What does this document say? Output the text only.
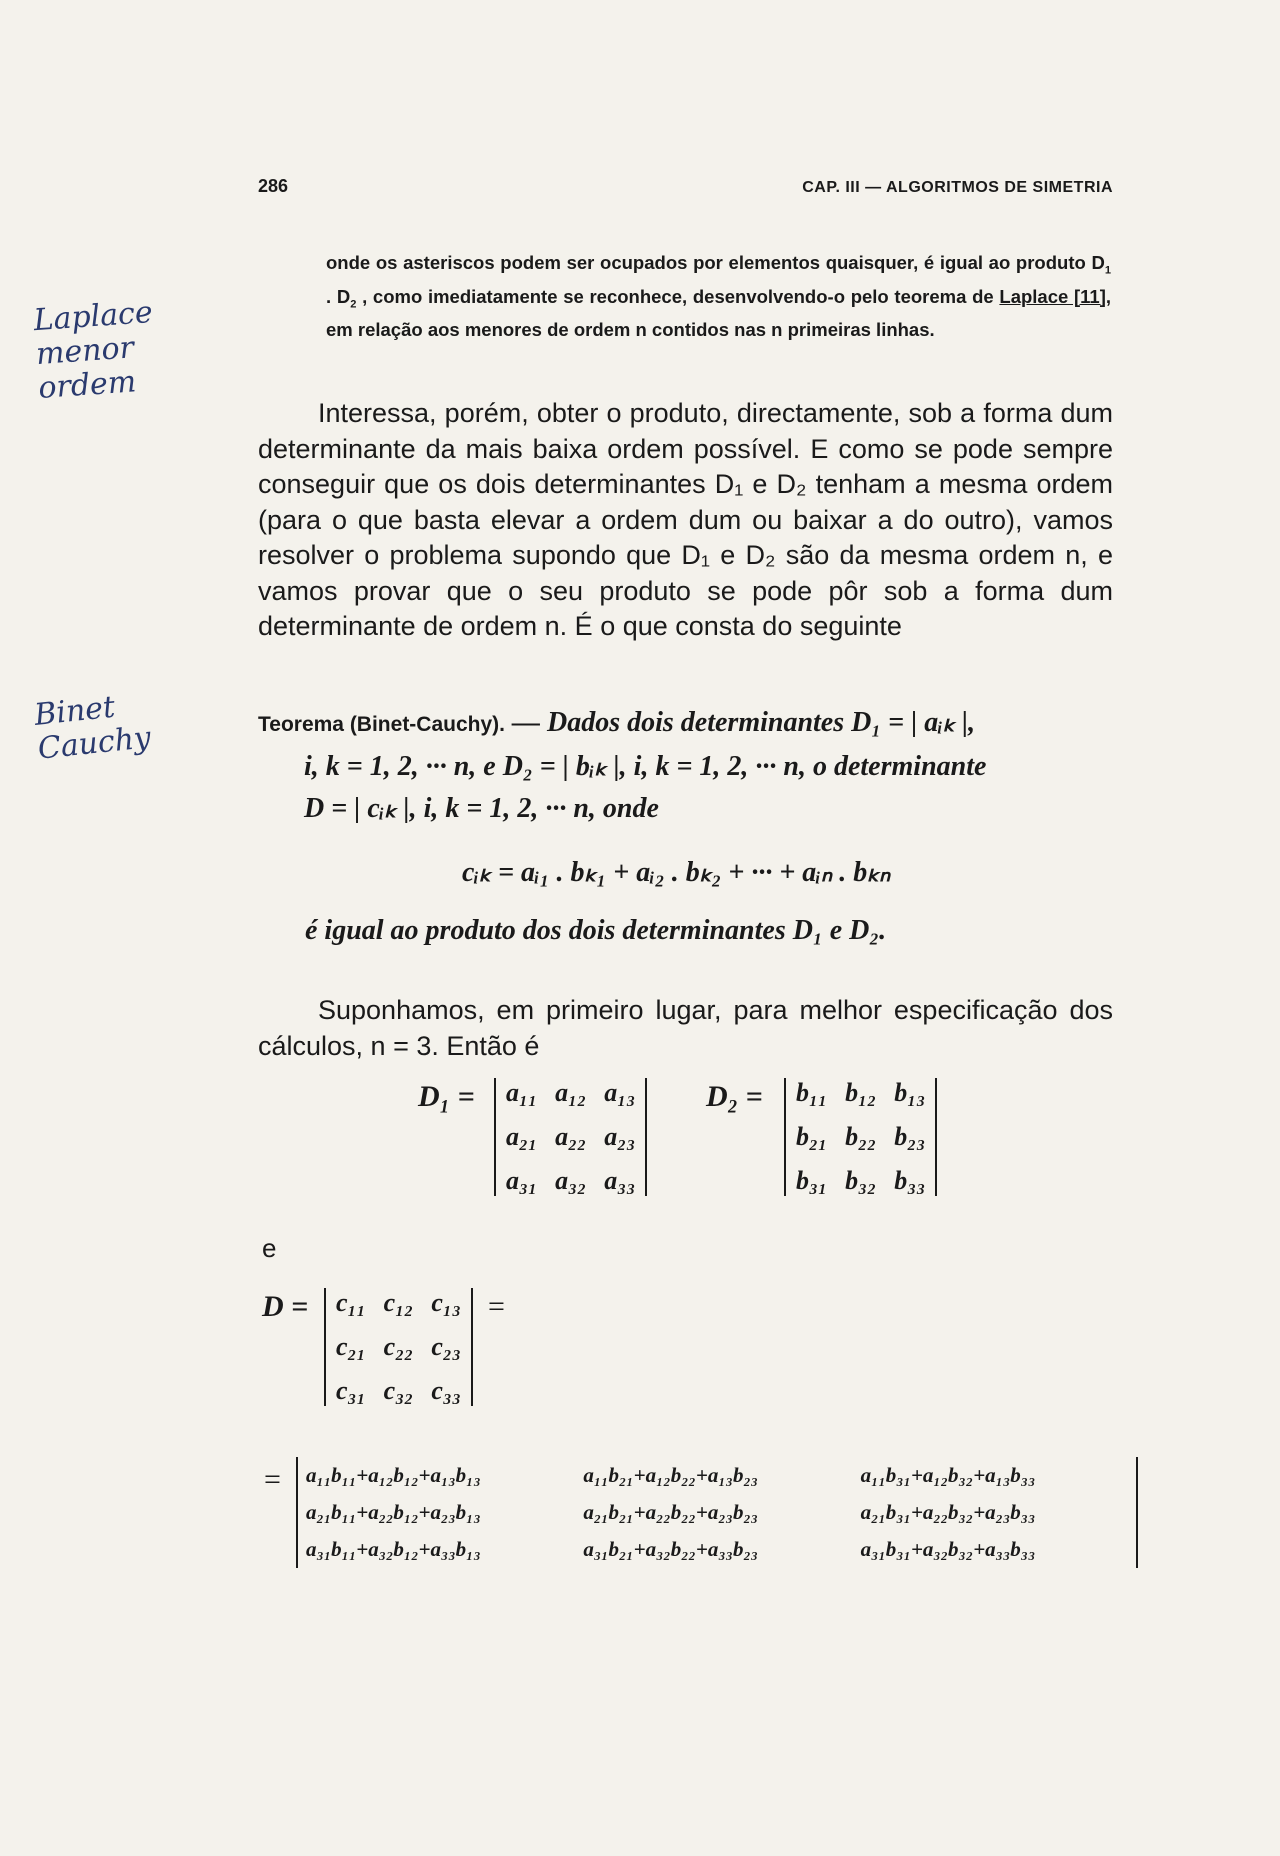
286	CAP. III — ALGORITMOS DE SIMETRIA
onde os asteriscos podem ser ocupados por elementos quaisquer, é igual ao produto $D_1$ . $D_2$ , como imediatamente se reconhece, desenvolvendo-o pelo teorema de Laplace [11], em relação aos menores de ordem n contidos nas n primeiras linhas.
Interessa, porém, obter o produto, directamente, sob a forma dum determinante da mais baixa ordem possível. E como se pode sempre conseguir que os dois determinantes D₁ e D₂ tenham a mesma ordem (para o que basta elevar a ordem dum ou baixar a do outro), vamos resolver o problema supondo que D₁ e D₂ são da mesma ordem n, e vamos provar que o seu produto se pode pôr sob a forma dum determinante de ordem n. É o que consta do seguinte
Teorema (Binet-Cauchy). — Dados dois determinantes D₁ = | aᵢₖ |,
i, k = 1, 2, ··· n, e D₂ = | bᵢₖ |, i, k = 1, 2, ··· n, o determinante
D = | cᵢₖ |, i, k = 1, 2, ··· n, onde
cᵢₖ = aᵢ₁ . bₖ₁ + aᵢ₂ . bₖ₂ + ··· + aᵢₙ . bₖₙ
é igual ao produto dos dois determinantes D₁ e D₂.
Suponhamos, em primeiro lugar, para melhor especificação dos cálculos, n = 3. Então é
D₁ = a₁₁ a₁₂ a₁₃
a₂₁ a₂₂ a₂₃
a₃₁ a₃₂ a₃₃
D₂ = b₁₁ b₁₂ b₁₃
b₂₁ b₂₂ b₂₃
b₃₁ b₃₂ b₃₃
e
D = c₁₁ c₁₂ c₁₃
c₂₁ c₂₂ c₂₃
c₃₁ c₃₂ c₃₃
=
= a₁₁b₁₁+a₁₂b₁₂+a₁₃b₁₃	a₁₁b₂₁+a₁₂b₂₂+a₁₃b₂₃	a₁₁b₃₁+a₁₂b₃₂+a₁₃b₃₃
a₂₁b₁₁+a₂₂b₁₂+a₂₃b₁₃	a₂₁b₂₁+a₂₂b₂₂+a₂₃b₂₃	a₂₁b₃₁+a₂₂b₃₂+a₂₃b₃₃
a₃₁b₁₁+a₃₂b₁₂+a₃₃b₁₃	a₃₁b₂₁+a₃₂b₂₂+a₃₃b₂₃	a₃₁b₃₁+a₃₂b₃₂+a₃₃b₃₃
Laplace
menor
ordem
Binet
Cauchy
